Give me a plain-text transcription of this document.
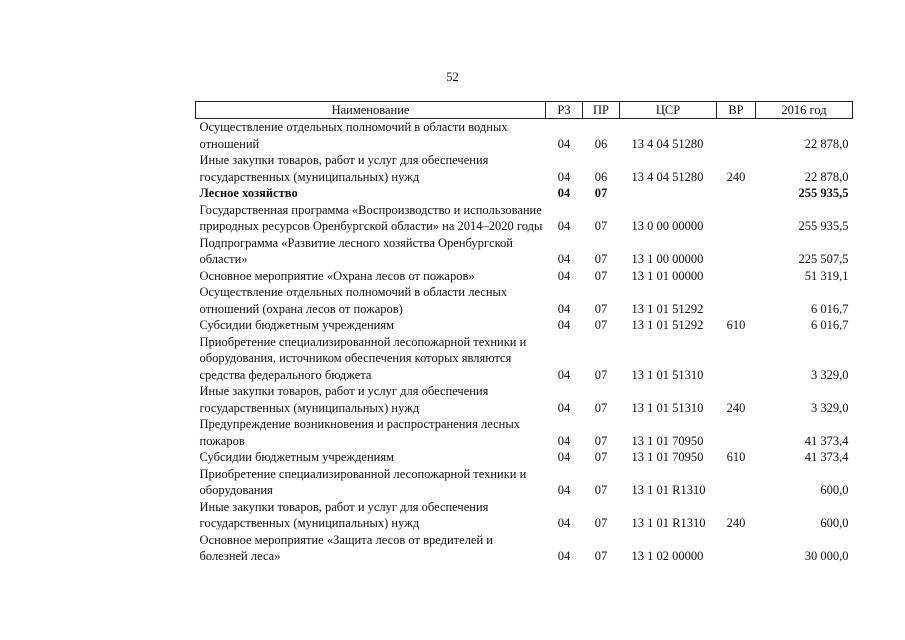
52
Наименование	РЗ	ПР	ЦСР	ВР	2016 год
Осуществление отдельных полномочий в области водных отношений	04	06	13 4 04 51280		22 878,0
Иные закупки товаров, работ и услуг для обеспечения государственных (муниципальных) нужд	04	06	13 4 04 51280	240	22 878,0
Лесное хозяйство	04	07			255 935,5
Государственная программа «Воспроизводство и использование природных ресурсов Оренбургской области» на 2014–2020 годы	04	07	13 0 00 00000		255 935,5
Подпрограмма «Развитие лесного хозяйства Оренбургской области»	04	07	13 1 00 00000		225 507,5
Основное мероприятие «Охрана лесов от пожаров»	04	07	13 1 01 00000		51 319,1
Осуществление отдельных полномочий в области лесных отношений (охрана лесов от пожаров)	04	07	13 1 01 51292		6 016,7
Субсидии бюджетным учреждениям	04	07	13 1 01 51292	610	6 016,7
Приобретение специализированной лесопожарной техники и оборудования, источником обеспечения которых являются средства федерального бюджета	04	07	13 1 01 51310		3 329,0
Иные закупки товаров, работ и услуг для обеспечения государственных (муниципальных) нужд	04	07	13 1 01 51310	240	3 329,0
Предупреждение возникновения и распространения лесных пожаров	04	07	13 1 01 70950		41 373,4
Субсидии бюджетным учреждениям	04	07	13 1 01 70950	610	41 373,4
Приобретение специализированной лесопожарной техники и оборудования	04	07	13 1 01 R1310		600,0
Иные закупки товаров, работ и услуг для обеспечения государственных (муниципальных) нужд	04	07	13 1 01 R1310	240	600,0
Основное мероприятие «Защита лесов от вредителей и болезней леса»	04	07	13 1 02 00000		30 000,0
